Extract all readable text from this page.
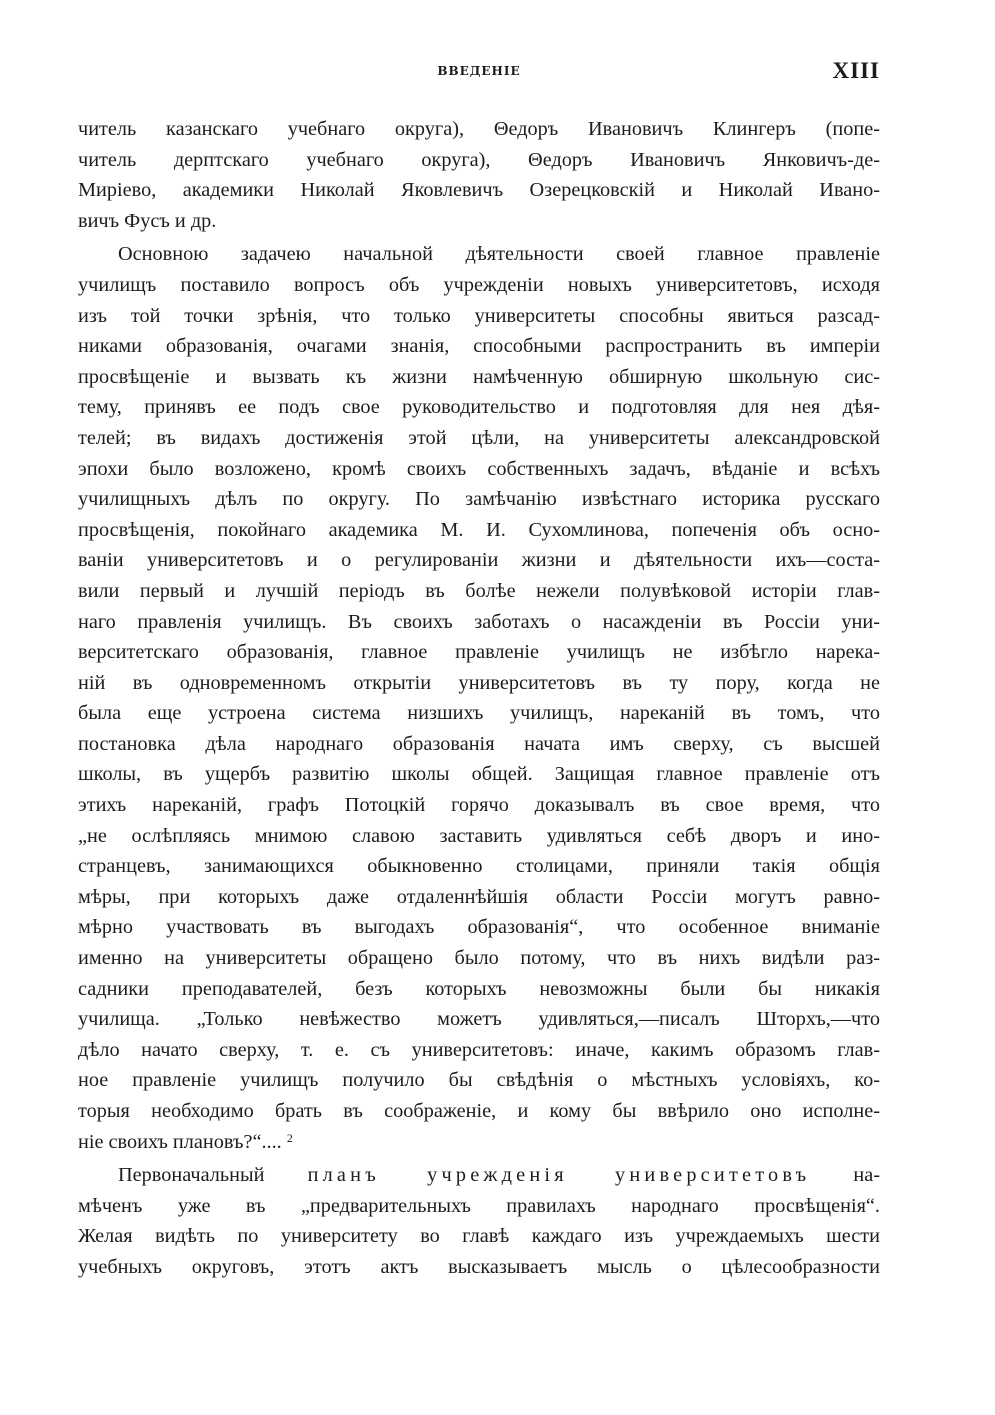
ВВЕДЕНІЕ	XIII
читель казанскаго учебнаго округа), Θедоръ Ивановичъ Клингеръ (попе-
читель дерптскаго учебнаго округа), Θедоръ Ивановичъ Янковичъ-де-
Миріево, академики Николай Яковлевичъ Озерецковскій и Николай Ивано-
вичъ Фусъ и др.
Основною задачею начальной дѣятельности своей главное правленіе
училищъ поставило вопросъ объ учрежденіи новыхъ университетовъ, исходя
изъ той точки зрѣнія, что только университеты способны явиться разсад-
никами образованія, очагами знанія, способными распространить въ имперіи
просвѣщеніе и вызвать къ жизни намѣченную обширную школьную сис-
тему, принявъ ее подъ свое руководительство и подготовляя для нея дѣя-
телей; въ видахъ достиженія этой цѣли, на университеты александровской
эпохи было возложено, кромѣ своихъ собственныхъ задачъ, вѣданіе и всѣхъ
училищныхъ дѣлъ по округу. По замѣчанію извѣстнаго историка русскаго
просвѣщенія, покойнаго академика М. И. Сухомлинова, попеченія объ осно-
ваніи университетовъ и о регулированіи жизни и дѣятельности ихъ—соста-
вили первый и лучшій періодъ въ болѣе нежели полувѣковой исторіи глав-
наго правленія училищъ. Въ своихъ заботахъ о насажденіи въ Россіи уни-
верситетскаго образованія, главное правленіе училищъ не избѣгло нарека-
ній въ одновременномъ открытіи университетовъ въ ту пору, когда не
была еще устроена система низшихъ училищъ, нареканій въ томъ, что
постановка дѣла народнаго образованія начата имъ сверху, съ высшей
школы, въ ущербъ развитію школы общей. Защищая главное правленіе отъ
этихъ нареканій, графъ Потоцкій горячо доказывалъ въ свое время, что
„не ослѣпляясь мнимою славою заставить удивляться себѣ дворъ и ино-
странцевъ, занимающихся обыкновенно столицами, приняли такія общія
мѣры, при которыхъ даже отдаленнѣйшія области Россіи могутъ равно-
мѣрно участвовать въ выгодахъ образованія“, что особенное вниманіе
именно на университеты обращено было потому, что въ нихъ видѣли раз-
садники преподавателей, безъ которыхъ невозможны были бы никакія
училища. „Только невѣжество можетъ удивляться,—писалъ Шторхъ,—что
дѣло начато сверху, т. е. съ университетовъ: иначе, какимъ образомъ глав-
ное правленіе училищъ получило бы свѣдѣнія о мѣстныхъ условіяхъ, ко-
торыя необходимо брать въ соображеніе, и кому бы ввѣрило оно исполне-
ніе своихъ плановъ?“.... $^2$
Первоначальный планъ учрежденія университетовъ на-
мѣченъ уже въ „предварительныхъ правилахъ народнаго просвѣщенія“.
Желая видѣть по университету во главѣ каждаго изъ учреждаемыхъ шести
учебныхъ округовъ, этотъ актъ высказываетъ мысль о цѣлесообразности
